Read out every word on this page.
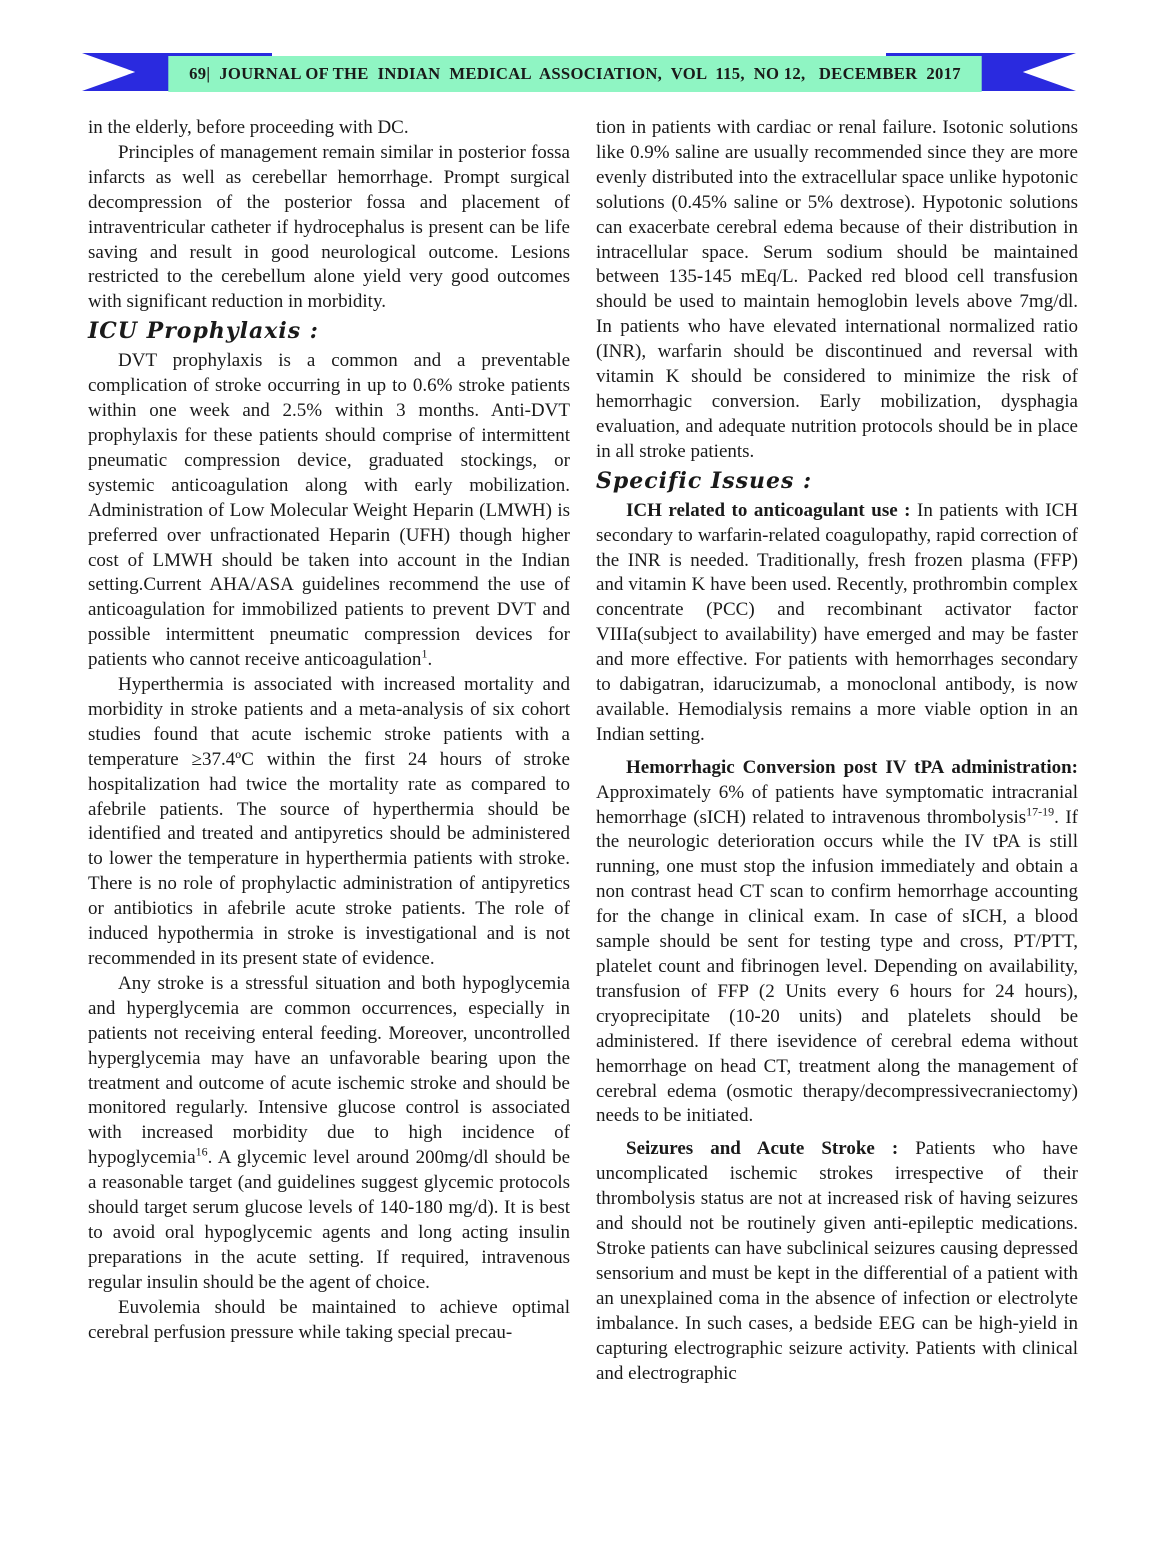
69|  JOURNAL OF THE  INDIAN  MEDICAL  ASSOCIATION,  VOL  115,  NO 12,   DECEMBER  2017

in the elderly, before proceeding with DC.

Principles of management remain similar in posterior fossa infarcts as well as cerebellar hemorrhage. Prompt surgical decompression of the posterior fossa and placement of intraventricular catheter if hydrocephalus is present can be life saving and result in good neurological outcome. Lesions restricted to the cerebellum alone yield very good outcomes with significant reduction in morbidity.

ICU Prophylaxis :

DVT prophylaxis is a common and a preventable complication of stroke occurring in up to 0.6% stroke patients within one week and 2.5% within 3 months. Anti-DVT prophylaxis for these patients should comprise of intermittent pneumatic compression device, graduated stockings, or systemic anticoagulation along with early mobilization. Administration of Low Molecular Weight Heparin (LMWH) is preferred over unfractionated Heparin (UFH) though higher cost of LMWH should be taken into account in the Indian setting.Current AHA/ASA guidelines recommend the use of anticoagulation for immobilized patients to prevent DVT and possible intermittent pneumatic compression devices for patients who cannot receive anticoagulation$^1$.

Hyperthermia is associated with increased mortality and morbidity in stroke patients and a meta-analysis of six cohort studies found that acute ischemic stroke patients with a temperature ≥37.4ºC within the first 24 hours of stroke hospitalization had twice the mortality rate as compared to afebrile patients. The source of hyperthermia should be identified and treated and antipyretics should be administered to lower the temperature in hyperthermia patients with stroke. There is no role of prophylactic administration of antipyretics or antibiotics in afebrile acute stroke patients. The role of induced hypothermia in stroke is investigational and is not recommended in its present state of evidence.

Any stroke is a stressful situation and both hypoglycemia and hyperglycemia are common occurrences, especially in patients not receiving enteral feeding. Moreover, uncontrolled hyperglycemia may have an unfavorable bearing upon the treatment and outcome of acute ischemic stroke and should be monitored regularly. Intensive glucose control is associated with increased morbidity due to high incidence of hypoglycemia$^{16}$. A glycemic level around 200mg/dl should be a reasonable target (and guidelines suggest glycemic protocols should target serum glucose levels of 140-180 mg/d). It is best to avoid oral hypoglycemic agents and long acting insulin preparations in the acute setting. If required, intravenous regular insulin should be the agent of choice.

Euvolemia should be maintained to achieve optimal cerebral perfusion pressure while taking special precau-

tion in patients with cardiac or renal failure. Isotonic solutions like 0.9% saline are usually recommended since they are more evenly distributed into the extracellular space unlike hypotonic solutions (0.45% saline or 5% dextrose). Hypotonic solutions can exacerbate cerebral edema because of their distribution in intracellular space. Serum sodium should be maintained between 135-145 mEq/L. Packed red blood cell transfusion should be used to maintain hemoglobin levels above 7mg/dl. In patients who have elevated international normalized ratio (INR), warfarin should be discontinued and reversal with vitamin K should be considered to minimize the risk of hemorrhagic conversion. Early mobilization, dysphagia evaluation, and adequate nutrition protocols should be in place in all stroke patients.

Specific Issues :

ICH related to anticoagulant use : In patients with ICH secondary to warfarin-related coagulopathy, rapid correction of the INR is needed. Traditionally, fresh frozen plasma (FFP) and vitamin K have been used. Recently, prothrombin complex concentrate (PCC) and recombinant activator factor VIIIa(subject to availability) have emerged and may be faster and more effective. For patients with hemorrhages secondary to dabigatran, idarucizumab, a monoclonal antibody, is now available. Hemodialysis remains a more viable option in an Indian setting.

Hemorrhagic Conversion post IV tPA administration: Approximately 6% of patients have symptomatic intracranial hemorrhage (sICH) related to intravenous thrombolysis$^{17-19}$. If the neurologic deterioration occurs while the IV tPA is still running, one must stop the infusion immediately and obtain a non contrast head CT scan to confirm hemorrhage accounting for the change in clinical exam. In case of sICH, a blood sample should be sent for testing type and cross, PT/PTT, platelet count and fibrinogen level. Depending on availability, transfusion of FFP (2 Units every 6 hours for 24 hours), cryoprecipitate (10-20 units) and platelets should be administered. If there isevidence of cerebral edema without hemorrhage on head CT, treatment along the management of cerebral edema (osmotic therapy/decompressivecraniectomy) needs to be initiated.

Seizures and Acute Stroke : Patients who have uncomplicated ischemic strokes irrespective of their thrombolysis status are not at increased risk of having seizures and should not be routinely given anti-epileptic medications. Stroke patients can have subclinical seizures causing depressed sensorium and must be kept in the differential of a patient with an unexplained coma in the absence of infection or electrolyte imbalance. In such cases, a bedside EEG can be high-yield in capturing electrographic seizure activity. Patients with clinical and electrographic
